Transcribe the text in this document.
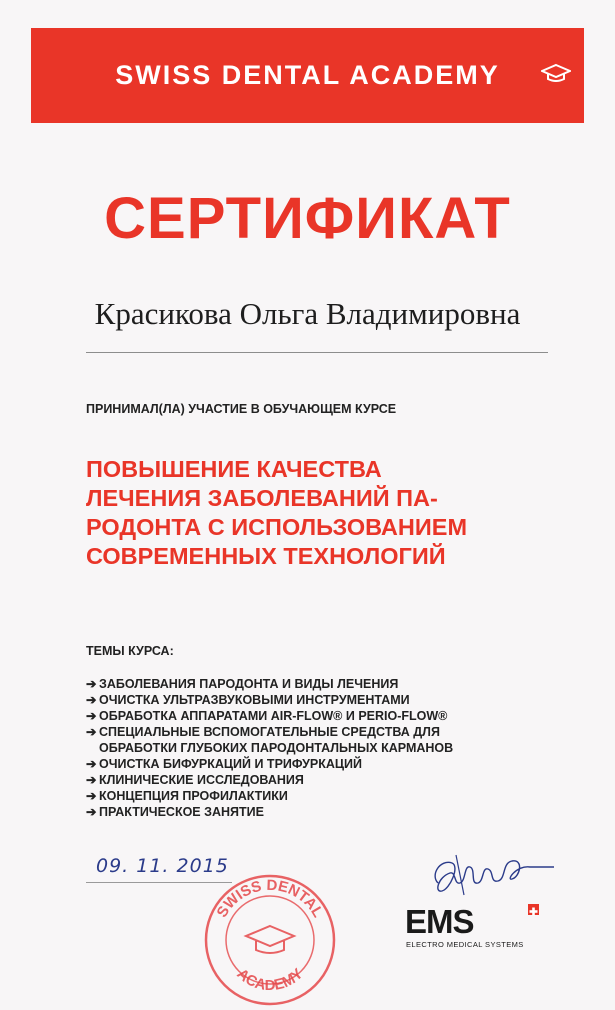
SWISS DENTAL ACADEMY
СЕРТИФИКАТ
Красикова Ольга Владимировна
ПРИНИМАЛ(ЛА) УЧАСТИЕ В ОБУЧАЮЩЕМ КУРСЕ
ПОВЫШЕНИЕ КАЧЕСТВА
ЛЕЧЕНИЯ ЗАБОЛЕВАНИЙ ПА-
РОДОНТА С ИСПОЛЬЗОВАНИЕМ
СОВРЕМЕННЫХ ТЕХНОЛОГИЙ
ТЕМЫ КУРСА:
➔ ЗАБОЛЕВАНИЯ ПАРОДОНТА И ВИДЫ ЛЕЧЕНИЯ
➔ ОЧИСТКА УЛЬТРАЗВУКОВЫМИ ИНСТРУМЕНТАМИ
➔ ОБРАБОТКА АППАРАТАМИ AIR-FLOW® И PERIO-FLOW®
➔ СПЕЦИАЛЬНЫЕ ВСПОМОГАТЕЛЬНЫЕ СРЕДСТВА ДЛЯ
ОБРАБОТКИ ГЛУБОКИХ ПАРОДОНТАЛЬНЫХ КАРМАНОВ
➔ ОЧИСТКА БИФУРКАЦИЙ И ТРИФУРКАЦИЙ
➔ КЛИНИЧЕСКИЕ ИССЛЕДОВАНИЯ
➔ КОНЦЕПЦИЯ ПРОФИЛАКТИКИ
➔ ПРАКТИЧЕСКОЕ ЗАНЯТИЕ
09. 11. 2015
SWISS DENTAL
ACADEMY
EMS
ELECTRO MEDICAL SYSTEMS
